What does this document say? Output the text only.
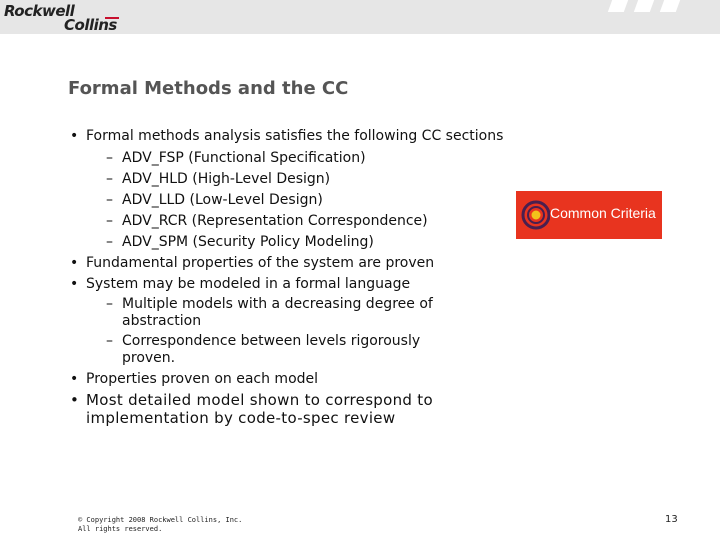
Rockwell
Collins
Formal Methods and the CC
• Formal methods analysis satisfies the following CC sections
– ADV_FSP (Functional Specification)
– ADV_HLD (High-Level Design)
– ADV_LLD (Low-Level Design)
– ADV_RCR (Representation Correspondence)
– ADV_SPM (Security Policy Modeling)
• Fundamental properties of the system are proven
• System may be modeled in a formal language
– Multiple models with a decreasing degree of abstraction
– Correspondence between levels rigorously proven.
• Properties proven on each model
• Most detailed model shown to correspond to implementation by code-to-spec review
Common Criteria
© Copyright 2008 Rockwell Collins, Inc.
All rights reserved.
13
